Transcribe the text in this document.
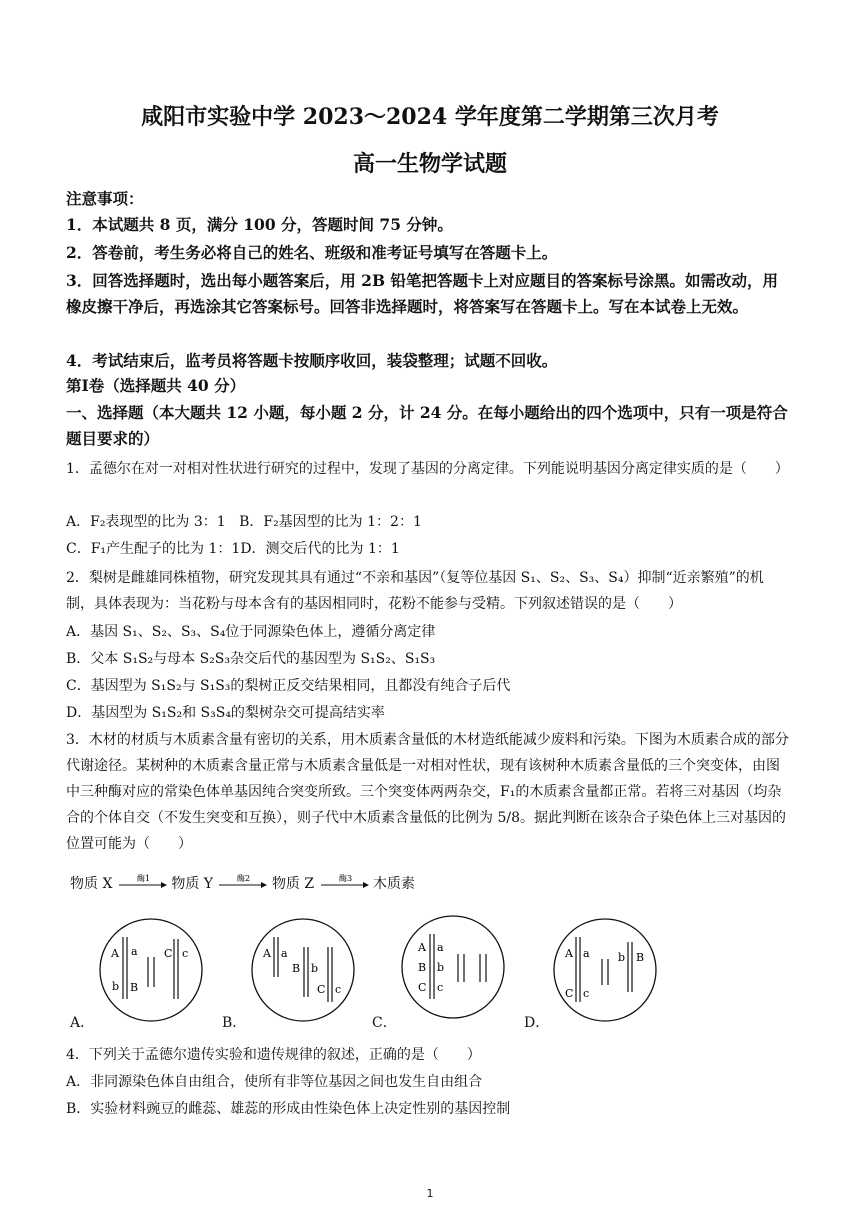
咸阳市实验中学 2023～2024 学年度第二学期第三次月考
高一生物学试题
注意事项：
1．本试题共 8 页，满分 100 分，答题时间 75 分钟。
2．答卷前，考生务必将自己的姓名、班级和准考证号填写在答题卡上。
3．回答选择题时，选出每小题答案后，用 2B 铅笔把答题卡上对应题目的答案标号涂黑。如需改动，用橡皮擦干净后，再选涂其它答案标号。回答非选择题时，将答案写在答题卡上。写在本试卷上无效。
4．考试结束后，监考员将答题卡按顺序收回，装袋整理；试题不回收。
第Ⅰ卷（选择题共 40 分）
一、选择题（本大题共 12 小题，每小题 2 分，计 24 分。在每小题给出的四个选项中，只有一项是符合题目要求的）
1．孟德尔在对一对相对性状进行研究的过程中，发现了基因的分离定律。下列能说明基因分离定律实质的是（　　）
A．F₂表现型的比为 3：1 B．F₂基因型的比为 1：2：1
C．F₁产生配子的比为 1：1D．测交后代的比为 1：1
2．梨树是雌雄同株植物，研究发现其具有通过“不亲和基因”（复等位基因 S₁、S₂、S₃、S₄）抑制“近亲繁殖”的机制，具体表现为：当花粉与母本含有的基因相同时，花粉不能参与受精。下列叙述错误的是（　　）
A．基因 S₁、S₂、S₃、S₄位于同源染色体上，遵循分离定律
B．父本 S₁S₂与母本 S₂S₃杂交后代的基因型为 S₁S₂、S₁S₃
C．基因型为 S₁S₂与 S₁S₃的梨树正反交结果相同，且都没有纯合子后代
D．基因型为 S₁S₂和 S₃S₄的梨树杂交可提高结实率
3．木材的材质与木质素含量有密切的关系，用木质素含量低的木材造纸能减少废料和污染。下图为木质素合成的部分代谢途径。某树种的木质素含量正常与木质素含量低是一对相对性状，现有该树种木质素含量低的三个突变体，由图中三种酶对应的常染色体单基因纯合突变所致。三个突变体两两杂交，F₁的木质素含量都正常。若将三对基因（均杂合的个体自交（不发生突变和互换），则子代中木质素含量低的比例为 5/8。据此判断在该杂合子染色体上三对基因的位置可能为（　　）
物质 X	酶1 物质 Y	酶2 物质 Z	酶3 木质素
A a
b B
C c	A a
B b
C c
A a
B b
C c
A a
C c
b B
A．	B．	C．	D．
4．下列关于孟德尔遗传实验和遗传规律的叙述，正确的是（　　）
A．非同源染色体自由组合，使所有非等位基因之间也发生自由组合
B．实验材料豌豆的雌蕊、雄蕊的形成由性染色体上决定性别的基因控制
1
